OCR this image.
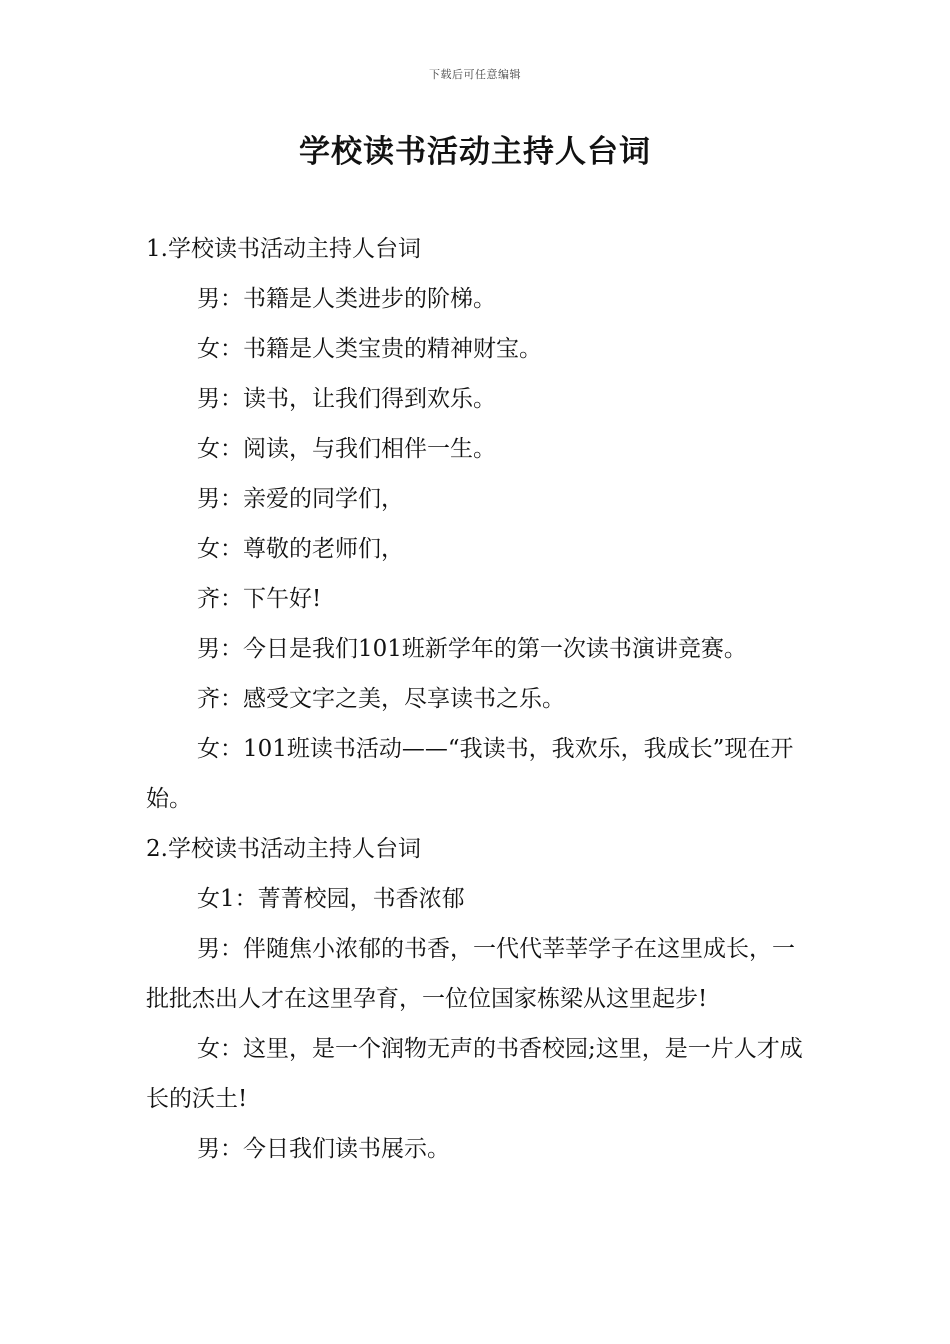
下载后可任意编辑
学校读书活动主持人台词

1.学校读书活动主持人台词

男：书籍是人类进步的阶梯。

女：书籍是人类宝贵的精神财宝。

男：读书，让我们得到欢乐。

女：阅读，与我们相伴一生。

男：亲爱的同学们，

女：尊敬的老师们，

齐：下午好!

男：今日是我们101班新学年的第一次读书演讲竞赛。

齐：感受文字之美，尽享读书之乐。

女：101班读书活动——“我读书，我欢乐，我成长”现在开始。

2.学校读书活动主持人台词

女1：菁菁校园，书香浓郁

男：伴随焦小浓郁的书香，一代代莘莘学子在这里成长，一批批杰出人才在这里孕育，一位位国家栋梁从这里起步!

女：这里，是一个润物无声的书香校园;这里，是一片人才成长的沃土!

男：今日我们读书展示。
